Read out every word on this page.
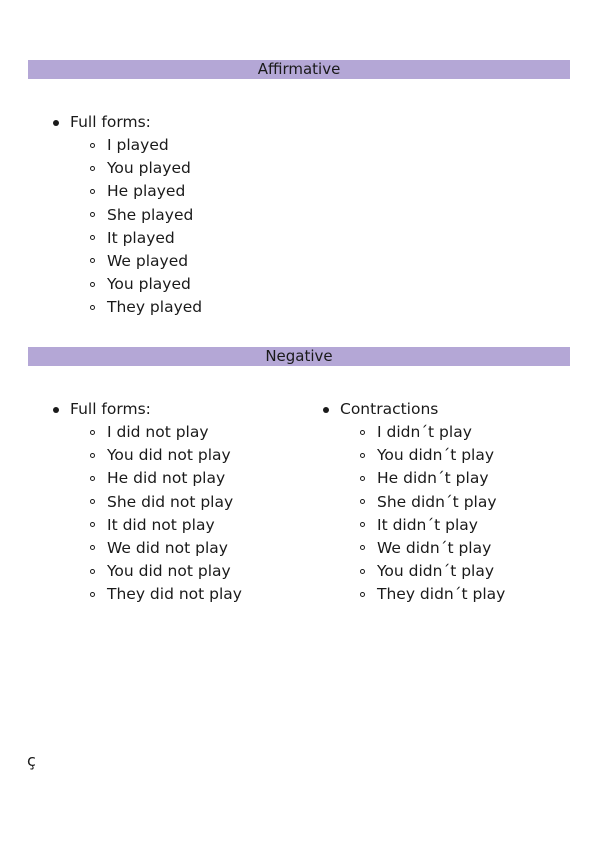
Affirmative
Full forms:
I played
You played
He played
She played
It played
We played
You played
They played
Negative
Full forms:
I did not play
You did not play
He did not play
She did not play
It did not play
We did not play
You did not play
They did not play
Contractions
I didn´t play
You didn´t play
He didn´t play
She didn´t play
It didn´t play
We didn´t play
You didn´t play
They didn´t play
ç
